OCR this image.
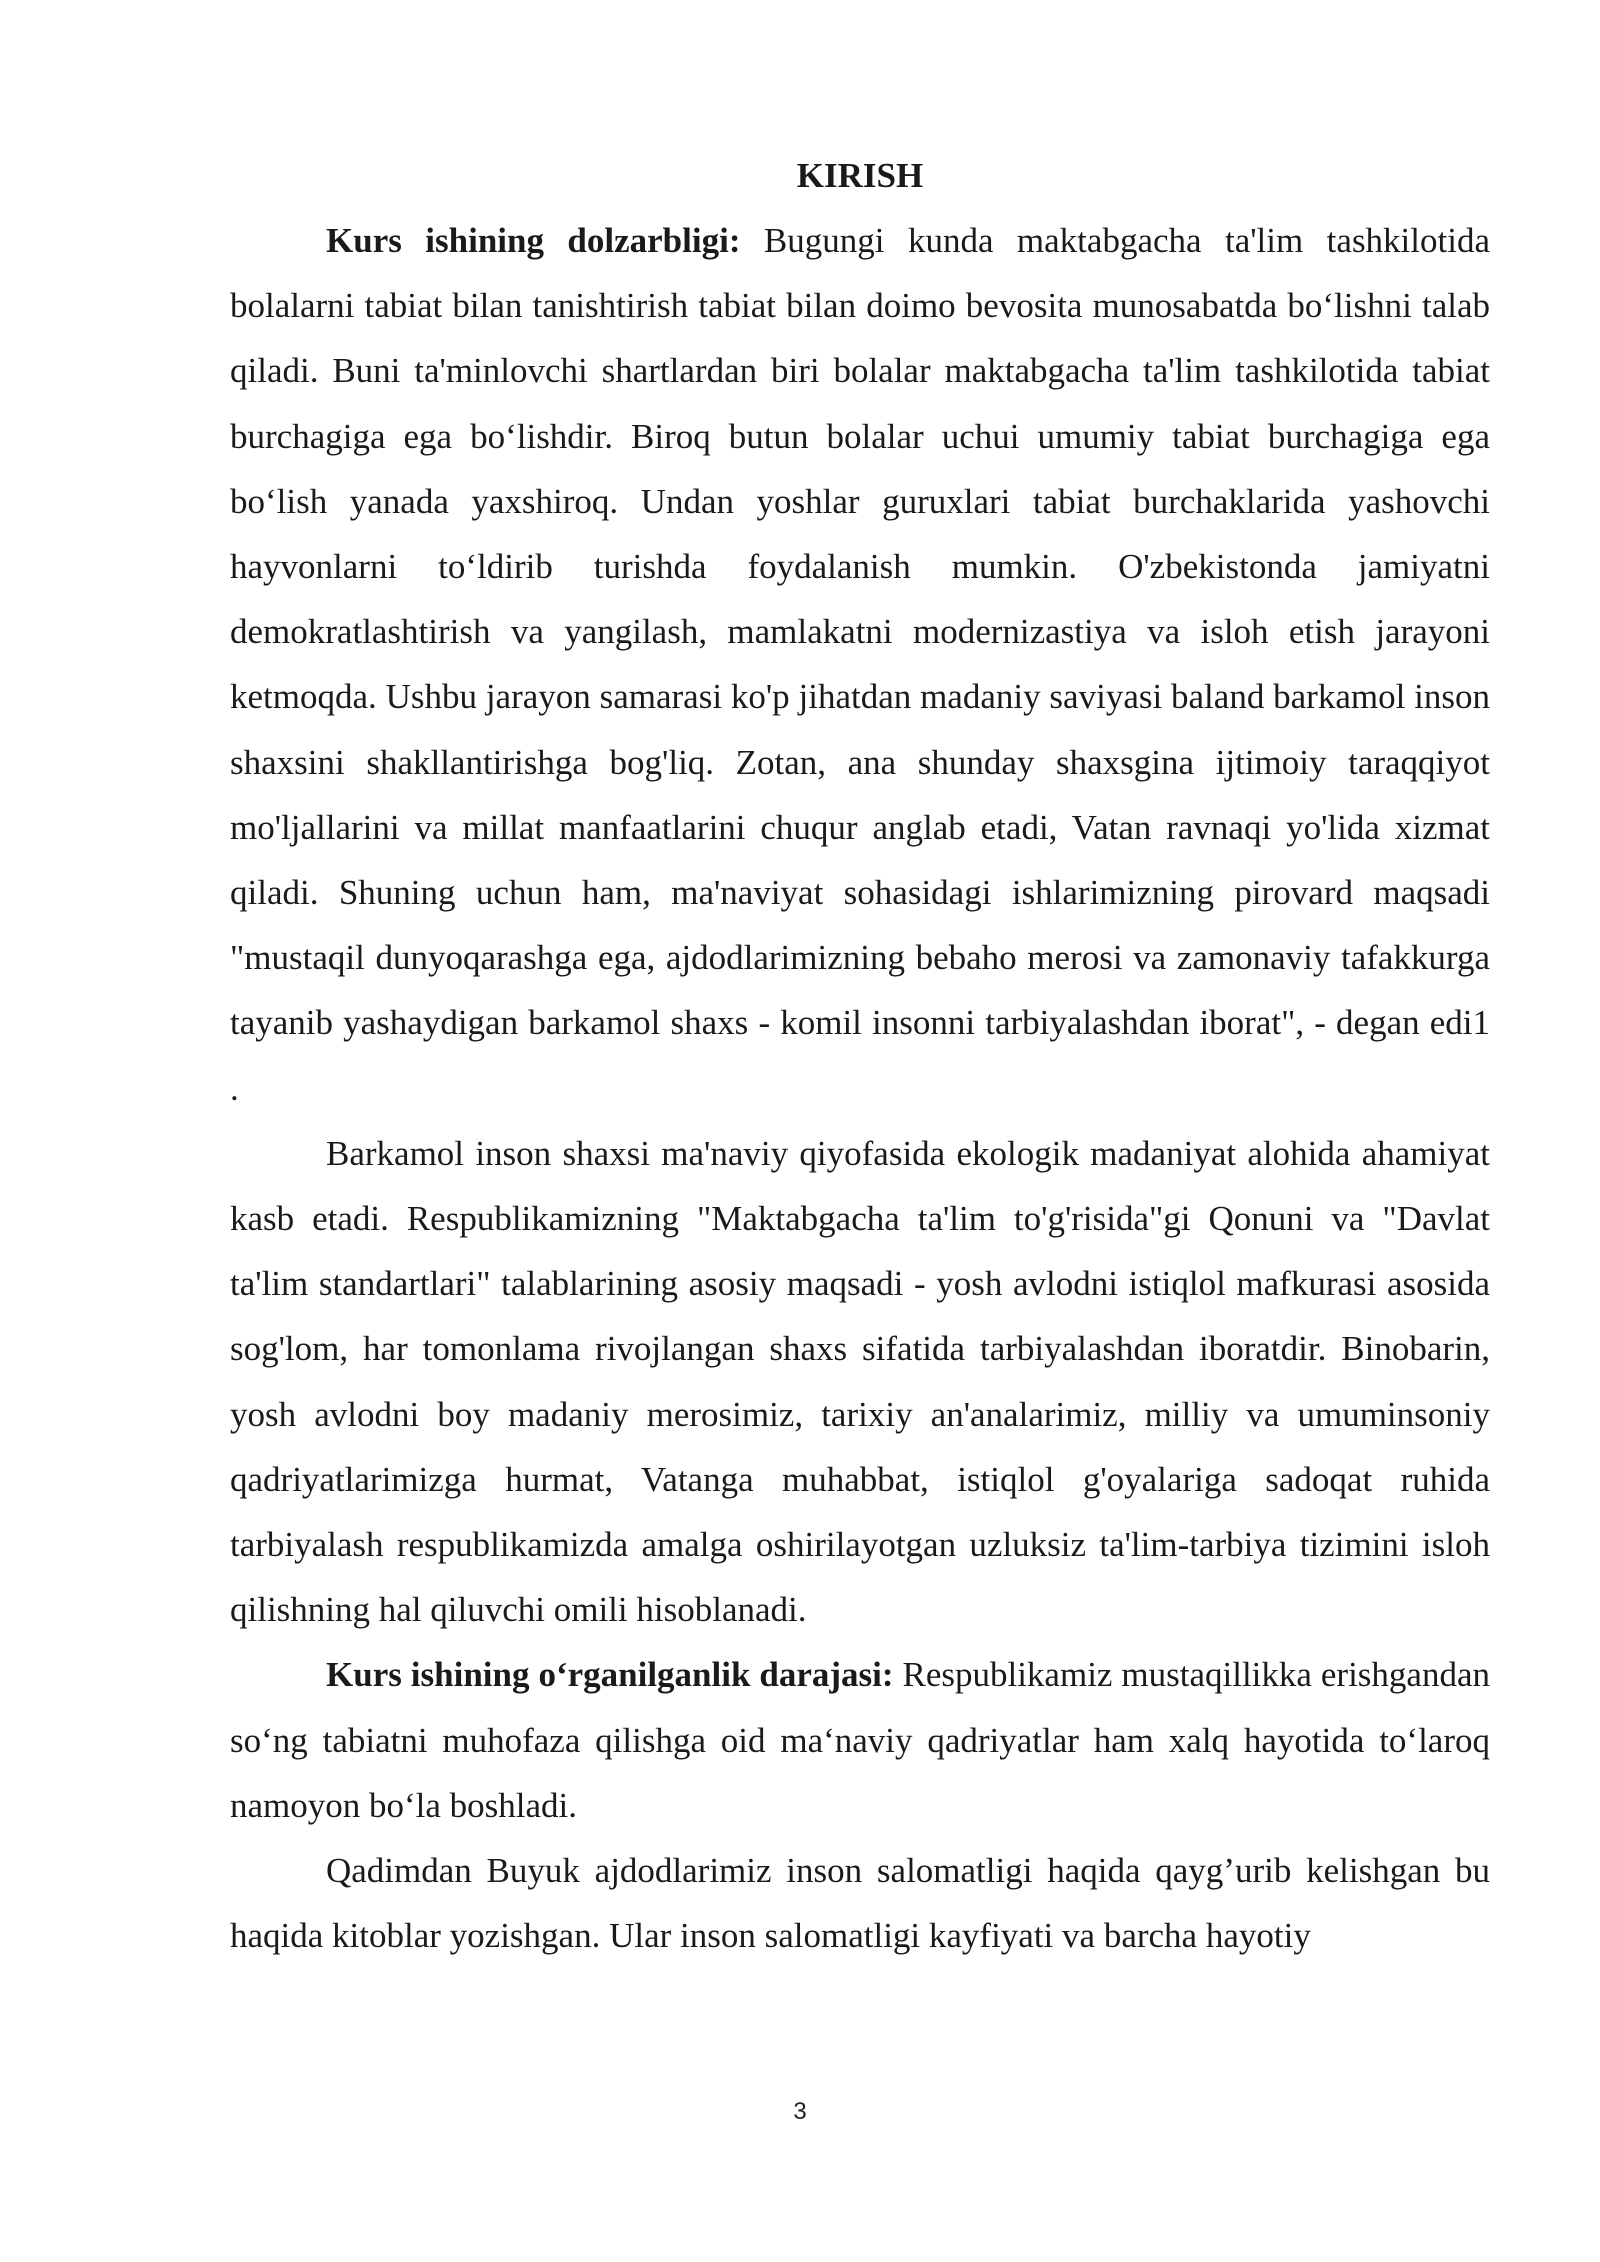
KIRISH

Kurs ishining dolzarbligi: Bugungi kunda maktabgacha ta'lim tashkilotida bolalarni tabiat bilan tanishtirish tabiat bilan doimo bevosita munosabatda bo‘lishni talab qiladi. Buni ta'minlovchi shartlardan biri bolalar maktabgacha ta'lim tashkilotida tabiat burchagiga ega bo‘lishdir. Biroq butun bolalar uchui umumiy tabiat burchagiga ega bo‘lish yanada yaxshiroq. Undan yoshlar guruxlari tabiat burchaklarida yashovchi hayvonlarni to‘ldirib turishda foydalanish mumkin. O'zbekistonda jamiyatni demokratlashtirish va yangilash, mamlakatni modernizastiya va isloh etish jarayoni ketmoqda. Ushbu jarayon samarasi ko'p jihatdan madaniy saviyasi baland barkamol inson shaxsini shakllantirishga bog'liq. Zotan, ana shunday shaxsgina ijtimoiy taraqqiyot mo'ljallarini va millat manfaatlarini chuqur anglab etadi, Vatan ravnaqi yo'lida xizmat qiladi. Shuning uchun ham, ma'naviyat sohasidagi ishlarimizning pirovard maqsadi "mustaqil dunyoqarashga ega, ajdodlarimizning bebaho merosi va zamonaviy tafakkurga tayanib yashaydigan barkamol shaxs - komil insonni tarbiyalashdan iborat", - degan edi1 .

Barkamol inson shaxsi ma'naviy qiyofasida ekologik madaniyat alohida ahamiyat kasb etadi. Respublikamizning "Maktabgacha ta'lim to'g'risida"gi Qonuni va "Davlat ta'lim standartlari" talablarining asosiy maqsadi - yosh avlodni istiqlol mafkurasi asosida sog'lom, har tomonlama rivojlangan shaxs sifatida tarbiyalashdan iboratdir. Binobarin, yosh avlodni boy madaniy merosimiz, tarixiy an'analarimiz, milliy va umuminsoniy qadriyatlarimizga hurmat, Vatanga muhabbat, istiqlol g'oyalariga sadoqat ruhida tarbiyalash respublikamizda amalga oshirilayotgan uzluksiz ta'lim-tarbiya tizimini isloh qilishning hal qiluvchi omili hisoblanadi.

Kurs ishining o‘rganilganlik darajasi: Respublikamiz mustaqillikka erishgandan so‘ng tabiatni muhofaza qilishga oid ma‘naviy qadriyatlar ham xalq hayotida to‘laroq namoyon bo‘la boshladi.

Qadimdan Buyuk ajdodlarimiz inson salomatligi haqida qayg’urib kelishgan bu haqida kitoblar yozishgan. Ular inson salomatligi kayfiyati va barcha hayotiy

3
